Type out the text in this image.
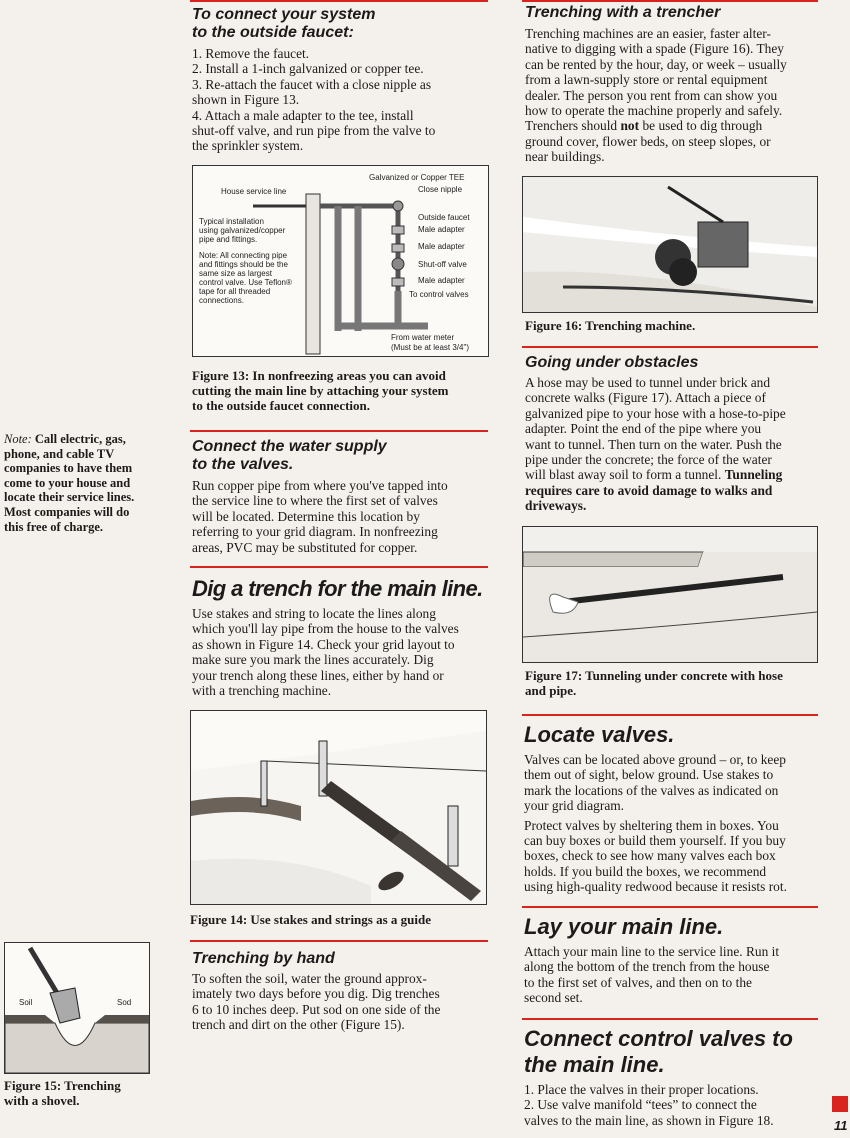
To connect your system
to the outside faucet:
1. Remove the faucet.
2. Install a 1-inch galvanized or copper tee.
3. Re-attach the faucet with a close nipple as
shown in Figure 13.
4. Attach a male adapter to the tee, install
shut-off valve, and run pipe from the valve to
the sprinkler system.
House service line
Typical installation
using galvanized/copper
pipe and fittings.
Note: All connecting pipe
and fittings should be the
same size as largest
control valve. Use Teflon®
tape for all threaded
connections.
Galvanized or Copper TEE
Close nipple
Outside faucet
Male adapter
Male adapter
Shut-off valve
Male adapter
To control valves
From water meter
(Must be at least 3/4")
Figure 13: In nonfreezing areas you can avoid
cutting the main line by attaching your system
to the outside faucet connection.
Connect the water supply
to the valves.
Run copper pipe from where you've tapped into
the service line to where the first set of valves
will be located. Determine this location by
referring to your grid diagram. In nonfreezing
areas, PVC may be substituted for copper.
Dig a trench for the main line.
Use stakes and string to locate the lines along
which you'll lay pipe from the house to the valves
as shown in Figure 14. Check your grid layout to
make sure you mark the lines accurately. Dig
your trench along these lines, either by hand or
with a trenching machine.
Figure 14: Use stakes and strings as a guide
Trenching by hand
To soften the soil, water the ground approx-
imately two days before you dig. Dig trenches
6 to 10 inches deep. Put sod on one side of the
trench and dirt on the other (Figure 15).
Note: Call electric, gas,
phone, and cable TV
companies to have them
come to your house and
locate their service lines.
Most companies will do
this free of charge.
Soil	Sod
Figure 15: Trenching
with a shovel.
Trenching with a trencher
Trenching machines are an easier, faster alter-
native to digging with a spade (Figure 16). They
can be rented by the hour, day, or week – usually
from a lawn-supply store or rental equipment
dealer. The person you rent from can show you
how to operate the machine properly and safely.
Trenchers should not be used to dig through
ground cover, flower beds, on steep slopes, or
near buildings.
Figure 16: Trenching machine.
Going under obstacles
A hose may be used to tunnel under brick and
concrete walks (Figure 17). Attach a piece of
galvanized pipe to your hose with a hose-to-pipe
adapter. Point the end of the pipe where you
want to tunnel. Then turn on the water. Push the
pipe under the concrete; the force of the water
will blast away soil to form a tunnel. Tunneling
requires care to avoid damage to walks and
driveways.
Figure 17: Tunneling under concrete with hose
and pipe.
Locate valves.

Valves can be located above ground – or, to keep
them out of sight, below ground. Use stakes to
mark the locations of the valves as indicated on
your grid diagram.

Protect valves by sheltering them in boxes. You
can buy boxes or build them yourself. If you buy
boxes, check to see how many valves each box
holds. If you build the boxes, we recommend
using high-quality redwood because it resists rot.

Lay your main line.
Attach your main line to the service line. Run it
along the bottom of the trench from the house
to the first set of valves, and then on to the
second set.
Connect control valves to
the main line.
1. Place the valves in their proper locations.
2. Use valve manifold “tees” to connect the
valves to the main line, as shown in Figure 18.	11
